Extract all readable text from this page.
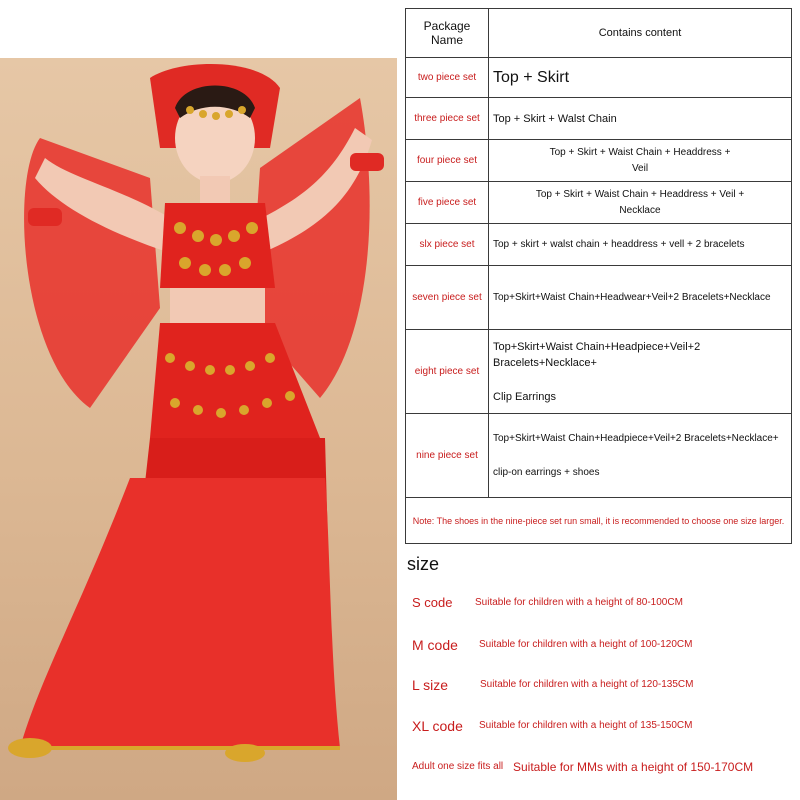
Package Name	Contains content
two piece set	Top + Skirt
three piece set	Top + Skirt + Walst Chain
four piece set	Top + Skirt + Waist Chain + Headdress +
Veil
five piece set	Top + Skirt + Waist Chain + Headdress + Veil +
Necklace
slx piece set	Top + skirt + walst chain + headdress + vell + 2 bracelets
seven piece set	Top+Skirt+Waist Chain+Headwear+Veil+2 Bracelets+Necklace
eight piece set	Top+Skirt+Waist Chain+Headpiece+Veil+2 Bracelets+Necklace+
Clip Earrings
nine piece set	Top+Skirt+Waist Chain+Headpiece+Veil+2 Bracelets+Necklace+
clip-on earrings + shoes
Note: The shoes in the nine-piece set run small, it is recommended to choose one size larger.	
size
S code Suitable for children with a height of 80-100CM
M code Suitable for children with a height of 100-120CM
L size	Suitable for children with a height of 120-135CM
XL code Suitable for children with a height of 135-150CM
Adult one size fits all Suitable for MMs with a height of 150-170CM
